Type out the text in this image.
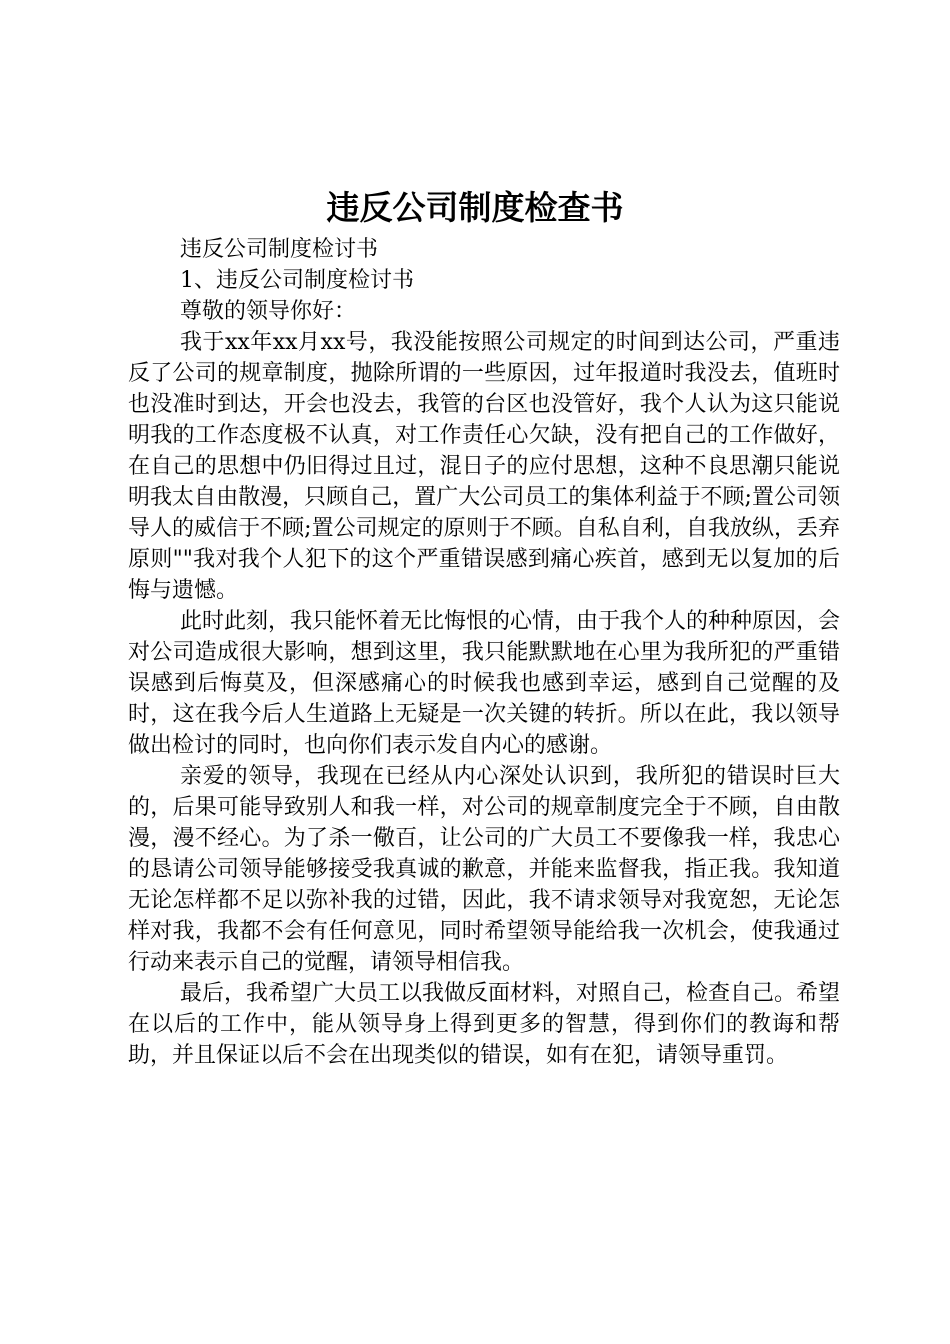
违反公司制度检查书

违反公司制度检讨书

1、违反公司制度检讨书

尊敬的领导你好：

我于xx年xx月xx号，我没能按照公司规定的时间到达公司，严重违反了公司的规章制度，抛除所谓的一些原因，过年报道时我没去，值班时也没准时到达，开会也没去，我管的台区也没管好，我个人认为这只能说明我的工作态度极不认真，对工作责任心欠缺，没有把自己的工作做好，在自己的思想中仍旧得过且过，混日子的应付思想，这种不良思潮只能说明我太自由散漫，只顾自己，置广大公司员工的集体利益于不顾;置公司领导人的威信于不顾;置公司规定的原则于不顾。自私自利，自我放纵，丢弃原则""我对我个人犯下的这个严重错误感到痛心疾首，感到无以复加的后悔与遗憾。

此时此刻，我只能怀着无比悔恨的心情，由于我个人的种种原因，会对公司造成很大影响，想到这里，我只能默默地在心里为我所犯的严重错误感到后悔莫及，但深感痛心的时候我也感到幸运，感到自己觉醒的及时，这在我今后人生道路上无疑是一次关键的转折。所以在此，我以领导做出检讨的同时，也向你们表示发自内心的感谢。

亲爱的领导，我现在已经从内心深处认识到，我所犯的错误时巨大的，后果可能导致别人和我一样，对公司的规章制度完全于不顾，自由散漫，漫不经心。为了杀一儆百，让公司的广大员工不要像我一样，我忠心的恳请公司领导能够接受我真诚的歉意，并能来监督我，指正我。我知道无论怎样都不足以弥补我的过错，因此，我不请求领导对我宽恕，无论怎样对我，我都不会有任何意见，同时希望领导能给我一次机会，使我通过行动来表示自己的觉醒，请领导相信我。

最后，我希望广大员工以我做反面材料，对照自己，检查自己。希望在以后的工作中，能从领导身上得到更多的智慧，得到你们的教诲和帮助，并且保证以后不会在出现类似的错误，如有在犯，请领导重罚。
